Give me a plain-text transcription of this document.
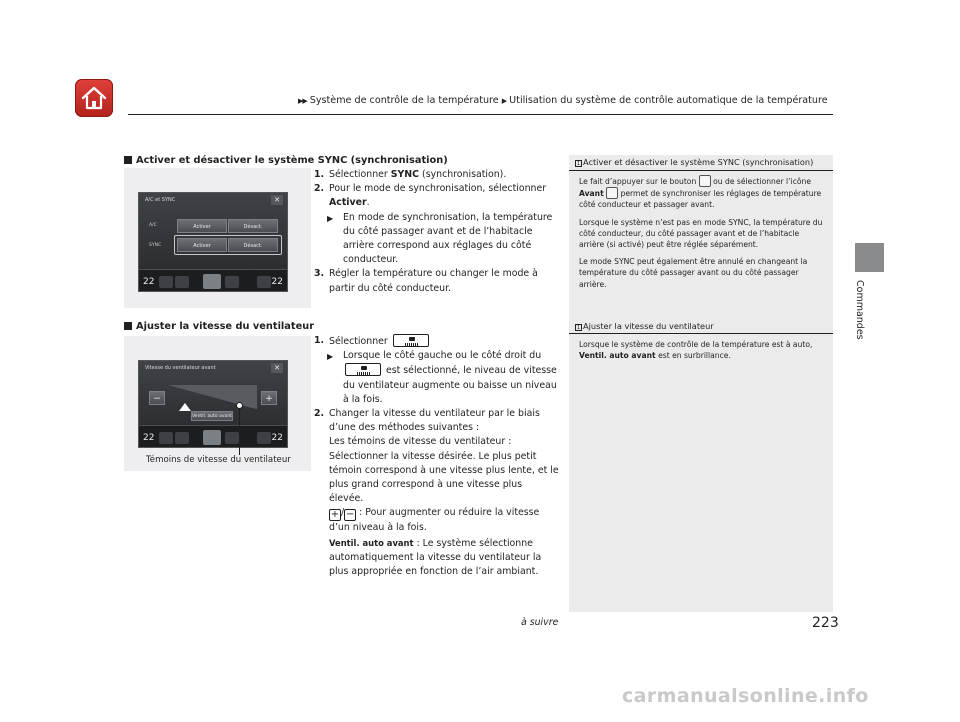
▶▶ Système de contrôle de la température ▶ Utilisation du système de contrôle automatique de la température
Commandes
Activer et désactiver le système SYNC (synchronisation)
A/C et SYNC	✕
A/C
SYNC
Activer	Désact.
Activer	Désact.
22	22

1. Sélectionner SYNC (synchronisation).

2. Pour le mode de synchronisation, sélectionner Activer.

▶ En mode de synchronisation, la température du côté passager avant et de l’habitacle arrière correspond aux réglages du côté conducteur.

3. Régler la température ou changer le mode à partir du côté conducteur.

Ajuster la vitesse du ventilateur
Vitesse du ventilateur avant	✕
−	+
Ventil. auto avant
22	22
Témoins de vitesse du ventilateur

1. Sélectionner

▶ Lorsque le côté gauche ou le côté droit du
est sélectionné, le niveau de vitesse du ventilateur augmente ou baisse un niveau à la fois.

2. Changer la vitesse du ventilateur par le biais d’une des méthodes suivantes :

Les témoins de vitesse du ventilateur :

Sélectionner la vitesse désirée. Le plus petit témoin correspond à une vitesse plus lente, et le plus grand correspond à une vitesse plus élevée.

+ / − : Pour augmenter ou réduire la vitesse d’un niveau à la fois.

Ventil. auto avant : Le système sélectionne automatiquement la vitesse du ventilateur la plus appropriée en fonction de l’air ambiant.

1 Activer et désactiver le système SYNC (synchronisation)

Le fait d’appuyer sur le bouton ou de sélectionner l’icône Avant permet de synchroniser les réglages de température côté conducteur et passager avant.

Lorsque le système n’est pas en mode SYNC, la température du côté conducteur, du côté passager avant et de l’habitacle arrière (si activé) peut être réglée séparément.

Le mode SYNC peut également être annulé en changeant la température du côté passager avant ou du côté passager arrière.

1 Ajuster la vitesse du ventilateur

Lorsque le système de contrôle de la température est à auto, Ventil. auto avant est en surbrillance.

à suivre	223
carmanualsonline.info
